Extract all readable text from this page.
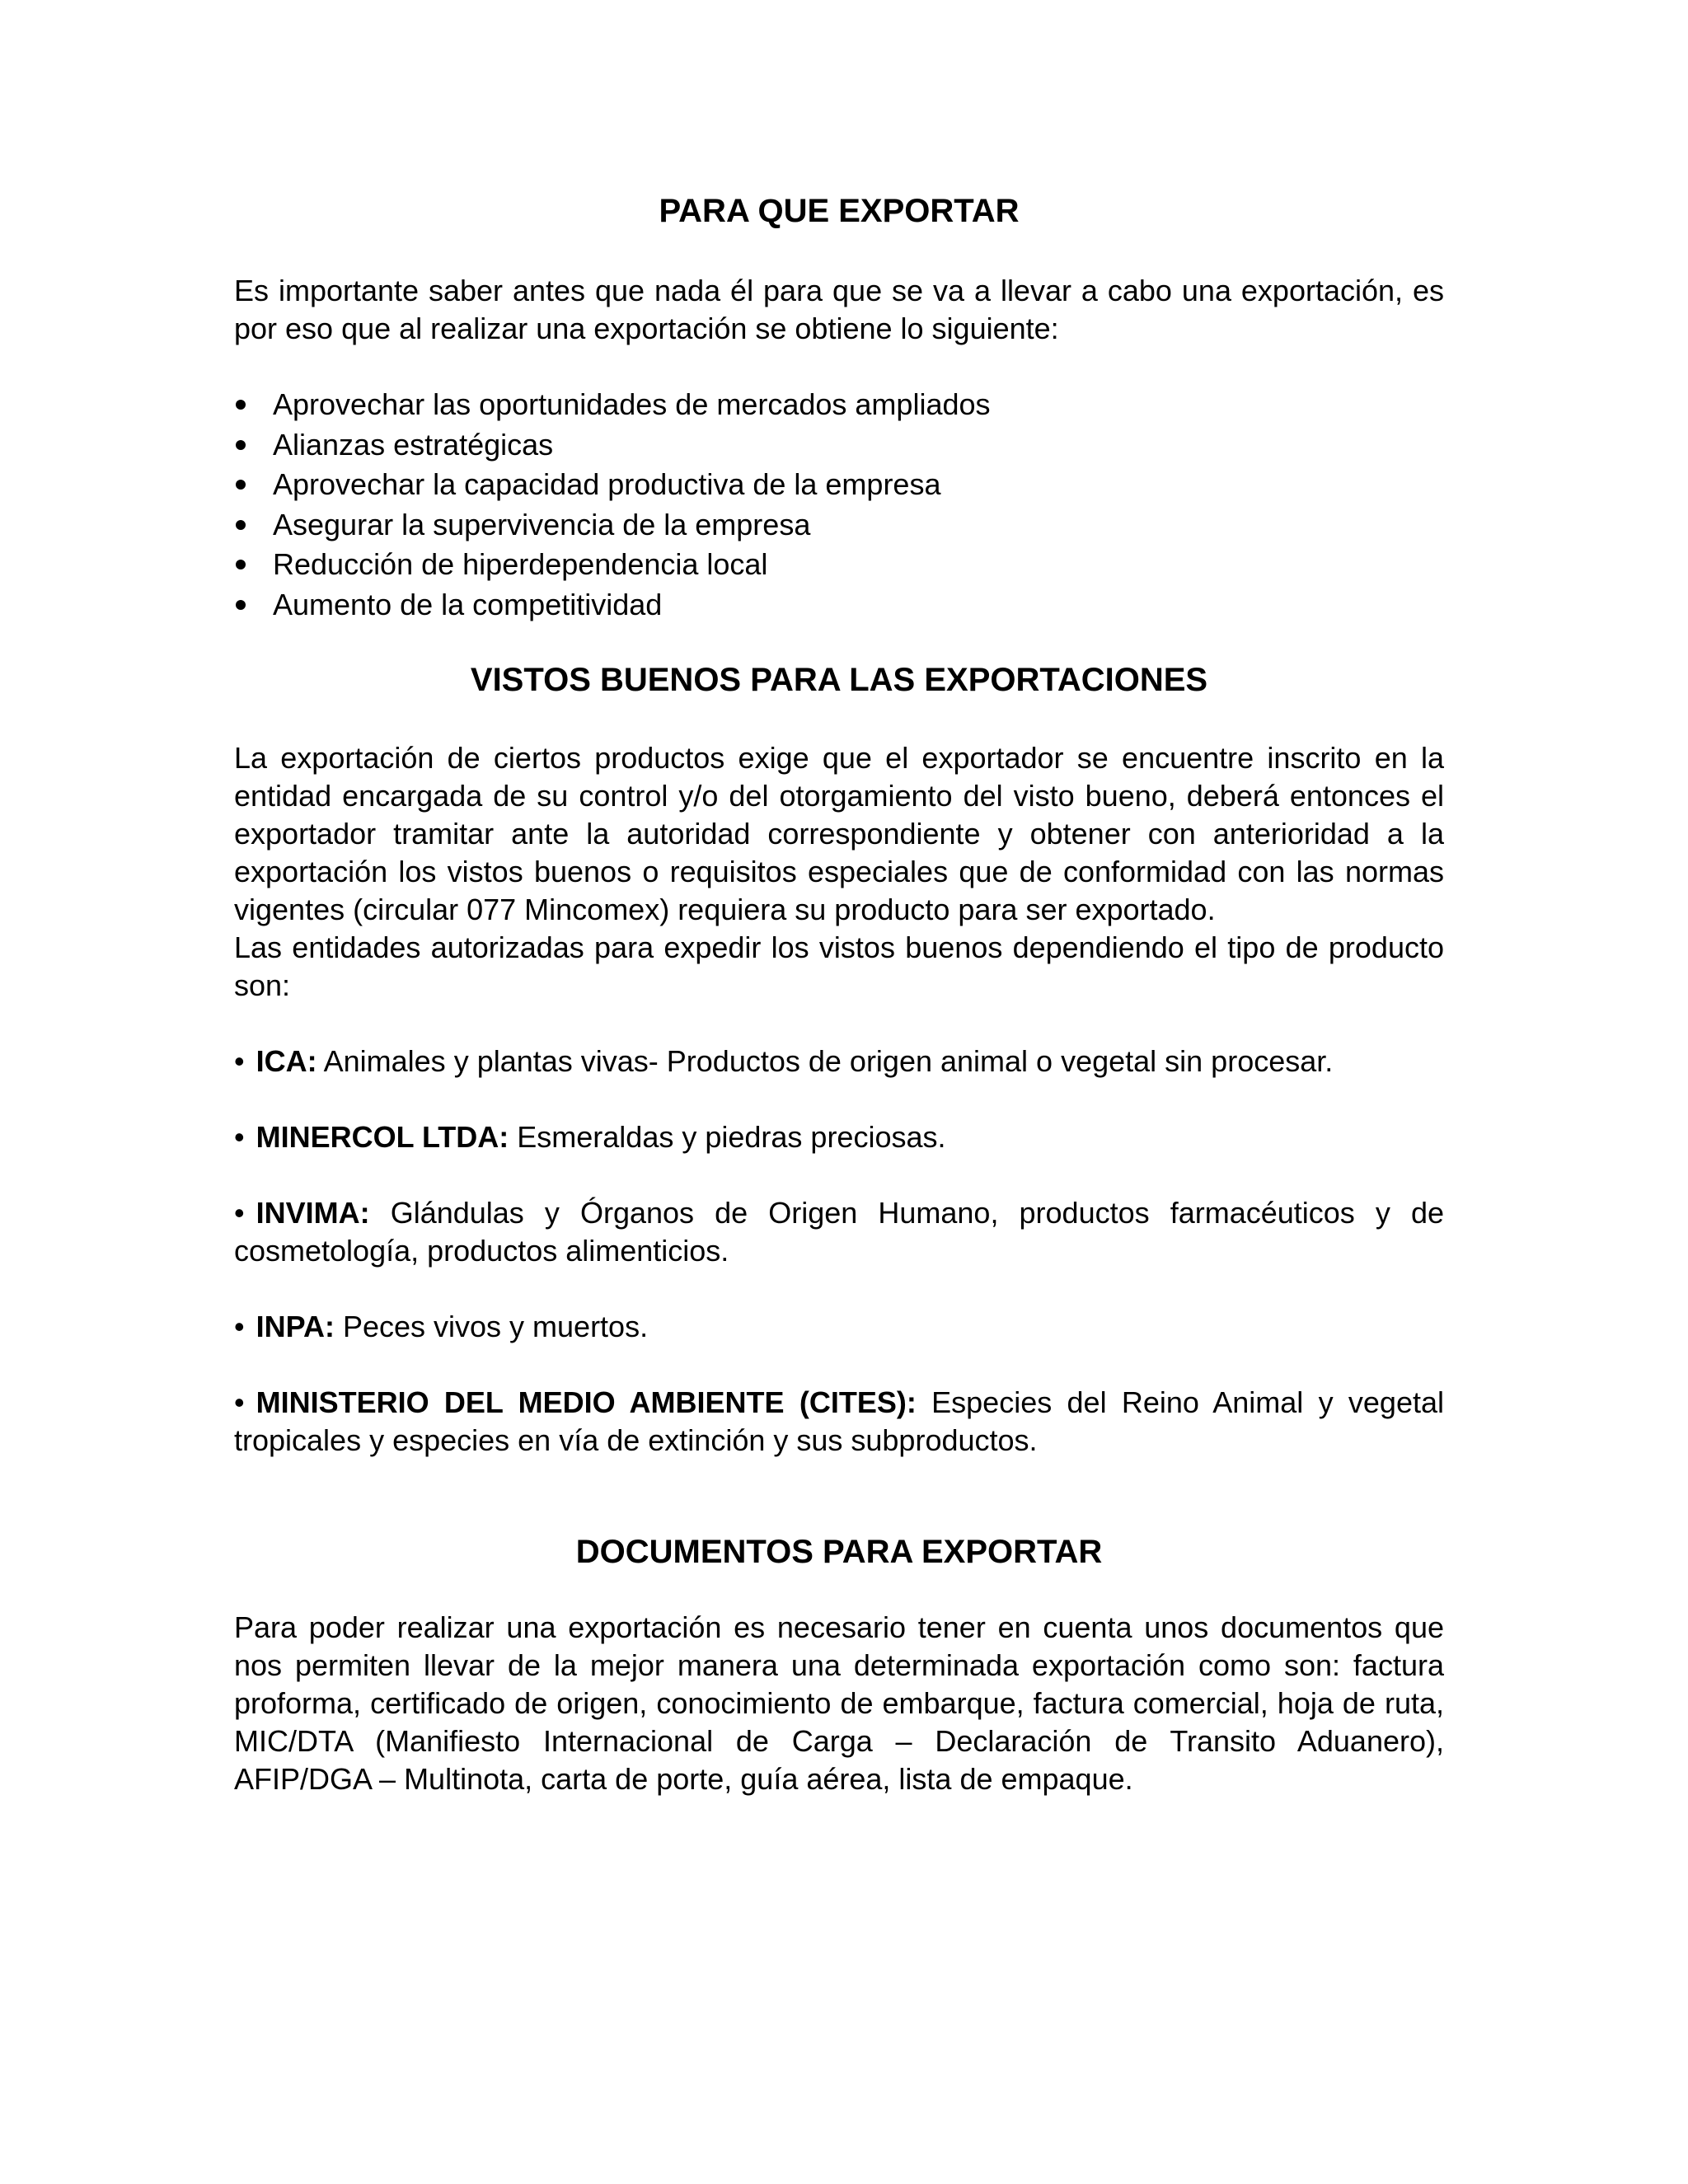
PARA QUE EXPORTAR

Es importante saber antes que nada él para que se va a llevar a cabo una exportación, es por eso que al realizar una exportación se obtiene lo siguiente:

Aprovechar las oportunidades de mercados ampliados
Alianzas estratégicas
Aprovechar la capacidad productiva de la empresa
Asegurar la supervivencia de la empresa
Reducción de hiperdependencia local
Aumento de la competitividad
VISTOS BUENOS PARA LAS EXPORTACIONES

La exportación de ciertos productos exige que el exportador se encuentre inscrito en la entidad encargada de su control y/o del otorgamiento del visto bueno, deberá entonces el exportador tramitar ante la autoridad correspondiente y obtener con anterioridad a la exportación los vistos buenos o requisitos especiales que de conformidad con las normas vigentes (circular 077 Mincomex) requiera su producto para ser exportado.

Las entidades autorizadas para expedir los vistos buenos dependiendo el tipo de producto son:

• ICA: Animales y plantas vivas- Productos de origen animal o vegetal sin procesar.

• MINERCOL LTDA: Esmeraldas y piedras preciosas.

• INVIMA: Glándulas y Órganos de Origen Humano, productos farmacéuticos y de cosmetología, productos alimenticios.

• INPA: Peces vivos y muertos.

• MINISTERIO DEL MEDIO AMBIENTE (CITES): Especies del Reino Animal y vegetal tropicales y especies en vía de extinción y sus subproductos.

DOCUMENTOS PARA EXPORTAR

Para poder realizar una exportación es necesario tener en cuenta unos documentos que nos permiten llevar de la mejor manera una determinada exportación como son: factura proforma, certificado de origen, conocimiento de embarque, factura comercial, hoja de ruta, MIC/DTA (Manifiesto Internacional de Carga – Declaración de Transito Aduanero), AFIP/DGA – Multinota, carta de porte, guía aérea, lista de empaque.
